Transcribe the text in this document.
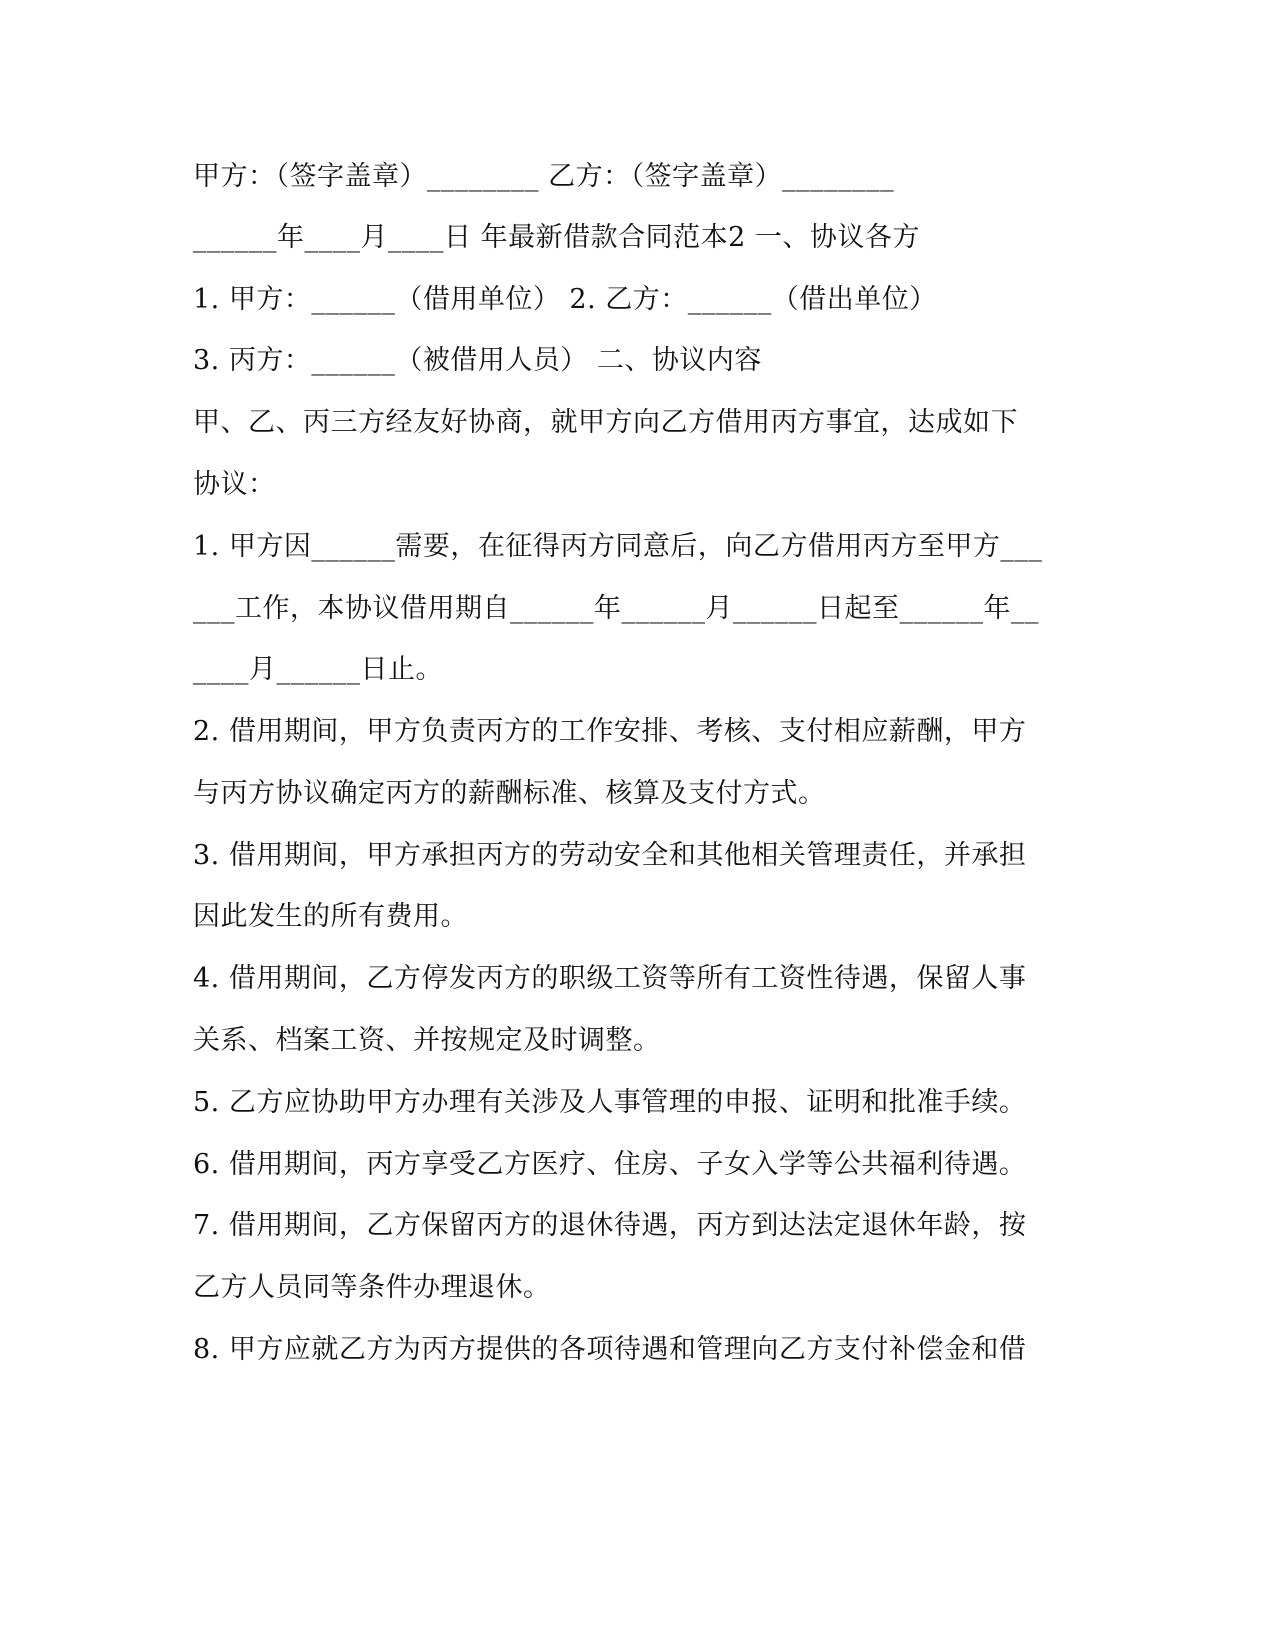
甲方：（签字盖章）________ 乙方：（签字盖章）________
______年____月____日 年最新借款合同范本2 一、协议各方
1. 甲方：______（借用单位） 2. 乙方：______（借出单位）
3. 丙方：______（被借用人员） 二、协议内容
甲、乙、丙三方经友好协商，就甲方向乙方借用丙方事宜，达成如下
协议：
1. 甲方因______需要，在征得丙方同意后，向乙方借用丙方至甲方___
___工作，本协议借用期自______年______月______日起至______年__
____月______日止。
2. 借用期间，甲方负责丙方的工作安排、考核、支付相应薪酬，甲方
与丙方协议确定丙方的薪酬标准、核算及支付方式。
3. 借用期间，甲方承担丙方的劳动安全和其他相关管理责任，并承担
因此发生的所有费用。
4. 借用期间，乙方停发丙方的职级工资等所有工资性待遇，保留人事
关系、档案工资、并按规定及时调整。
5. 乙方应协助甲方办理有关涉及人事管理的申报、证明和批准手续。
6. 借用期间，丙方享受乙方医疗、住房、子女入学等公共福利待遇。
7. 借用期间，乙方保留丙方的退休待遇，丙方到达法定退休年龄，按
乙方人员同等条件办理退休。
8. 甲方应就乙方为丙方提供的各项待遇和管理向乙方支付补偿金和借
